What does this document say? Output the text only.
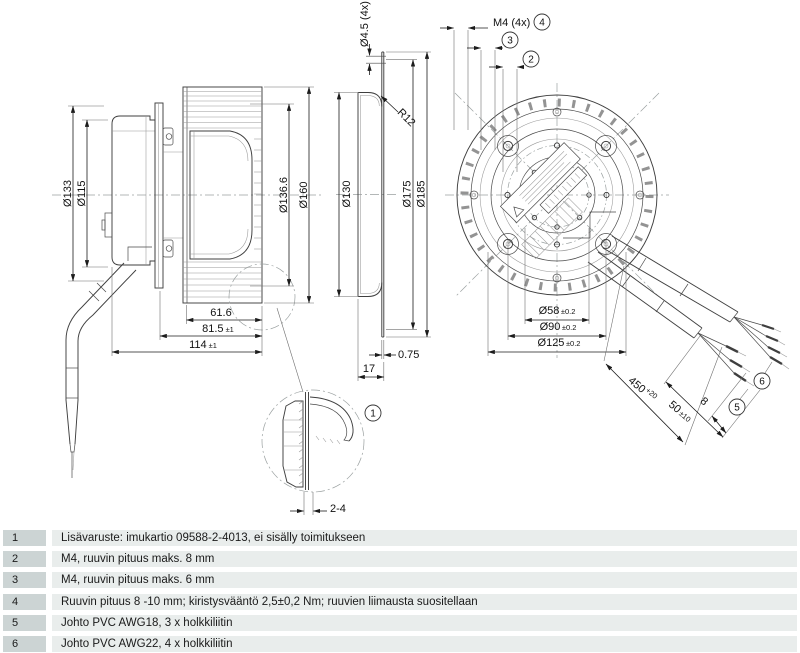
Ø133 Ø115	Ø136.6 Ø160
61.6
81.5 ±1
114 ±1
Ø4.5 (4x)
R12
Ø130	Ø175 Ø185
0.75
17
M4 (4x)
Ø58 ±0.2
Ø90 ±0.2
Ø125 ±0.2
$450^{+20}$
8
50±10
2-4
1
2
3
4
5
6
1	Lisävaruste: imukartio 09588-2-4013, ei sisälly toimitukseen
2	M4, ruuvin pituus maks. 8 mm
3	M4, ruuvin pituus maks. 6 mm
4	Ruuvin pituus 8 -10 mm; kiristysvääntö 2,5±0,2 Nm; ruuvien liimausta suositellaan
5	Johto PVC AWG18, 3 x holkkiliitin
6	Johto PVC AWG22, 4 x holkkiliitin
